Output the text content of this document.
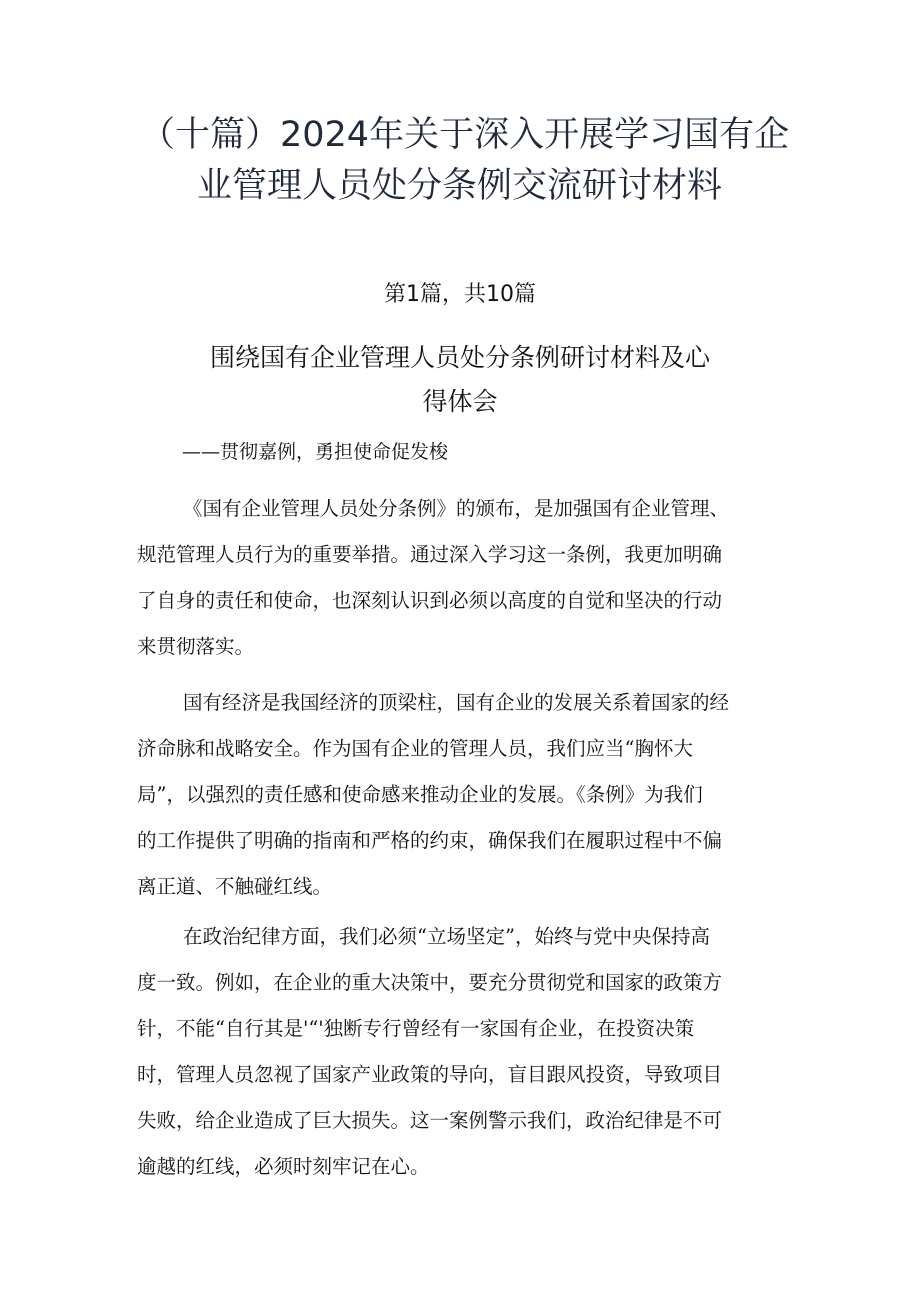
（十篇）2024年关于深入开展学习国有企
业管理人员处分条例交流研讨材料
第1篇，共10篇
围绕国有企业管理人员处分条例研讨材料及心
得体会
——贯彻嘉例，勇担使命促发梭

《国有企业管理人员处分条例》的颁布，是加强国有企业管理、
规范管理人员行为的重要举措。通过深入学习这一条例，我更加明确
了自身的责任和使命，也深刻认识到必须以高度的自觉和坚决的行动
来贯彻落实。

国有经济是我国经济的顶梁柱，国有企业的发展关系着国家的经
济命脉和战略安全。作为国有企业的管理人员，我们应当“胸怀大
局”，以强烈的责任感和使命感来推动企业的发展。《条例》为我们
的工作提供了明确的指南和严格的约束，确保我们在履职过程中不偏
离正道、不触碰红线。

在政治纪律方面，我们必须“立场坚定”，始终与党中央保持高
度一致。例如，在企业的重大决策中，要充分贯彻党和国家的政策方
针，不能“自行其是'“'独断专行曾经有一家国有企业，在投资决策
时，管理人员忽视了国家产业政策的导向，盲目跟风投资，导致项目
失败，给企业造成了巨大损失。这一案例警示我们，政治纪律是不可
逾越的红线，必须时刻牢记在心。
